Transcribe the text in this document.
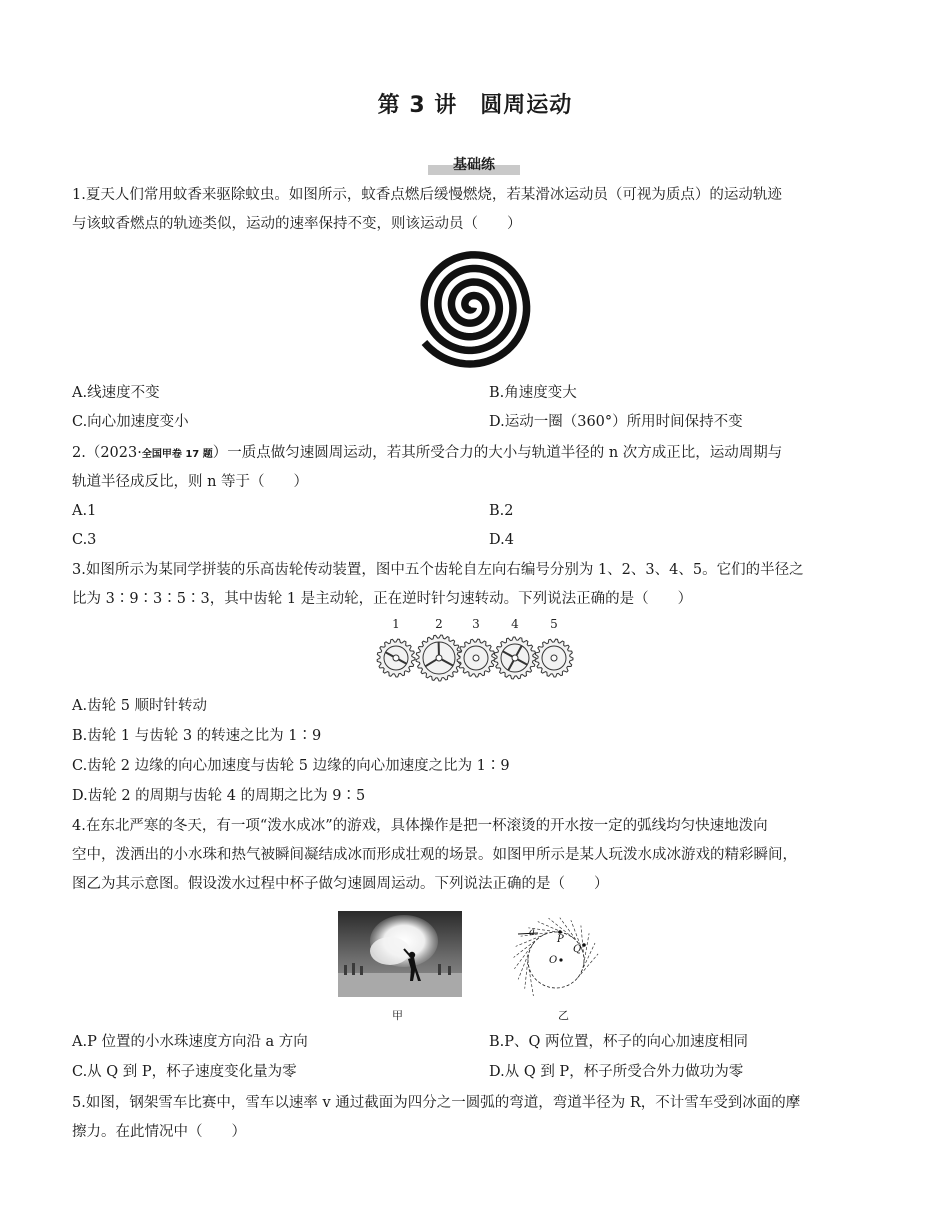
第 3 讲　圆周运动
基础练
1.夏天人们常用蚊香来驱除蚊虫。如图所示，蚊香点燃后缓慢燃烧，若某滑冰运动员（可视为质点）的运动轨迹
与该蚊香燃点的轨迹类似，运动的速率保持不变，则该运动员（　　）
A.线速度不变	B.角速度变大
C.向心加速度变小	D.运动一圈（360°）所用时间保持不变
2.（2023·全国甲卷 17 题）一质点做匀速圆周运动，若其所受合力的大小与轨道半径的 n 次方成正比，运动周期与
轨道半径成反比，则 n 等于（　　）
A.1	B.2
C.3	D.4
3.如图所示为某同学拼装的乐高齿轮传动装置，图中五个齿轮自左向右编号分别为 1、2、3、4、5。它们的半径之
比为 3∶9∶3∶5∶3，其中齿轮 1 是主动轮，正在逆时针匀速转动。下列说法正确的是（　　）
1	2 3	4	5
A.齿轮 5 顺时针转动
B.齿轮 1 与齿轮 3 的转速之比为 1∶9
C.齿轮 2 边缘的向心加速度与齿轮 5 边缘的向心加速度之比为 1∶9
D.齿轮 2 的周期与齿轮 4 的周期之比为 9∶5
4.在东北严寒的冬天，有一项“泼水成冰”的游戏，具体操作是把一杯滚烫的开水按一定的弧线均匀快速地泼向
空中，泼洒出的小水珠和热气被瞬间凝结成冰而形成壮观的场景。如图甲所示是某人玩泼水成冰游戏的精彩瞬间，
图乙为其示意图。假设泼水过程中杯子做匀速圆周运动。下列说法正确的是（　　）
甲
a
P
Q
O
乙
A.P 位置的小水珠速度方向沿 a 方向	B.P、Q 两位置，杯子的向心加速度相同
C.从 Q 到 P，杯子速度变化量为零	D.从 Q 到 P，杯子所受合外力做功为零
5.如图，钢架雪车比赛中，雪车以速率 v 通过截面为四分之一圆弧的弯道，弯道半径为 R，不计雪车受到冰面的摩
擦力。在此情况中（　　）
